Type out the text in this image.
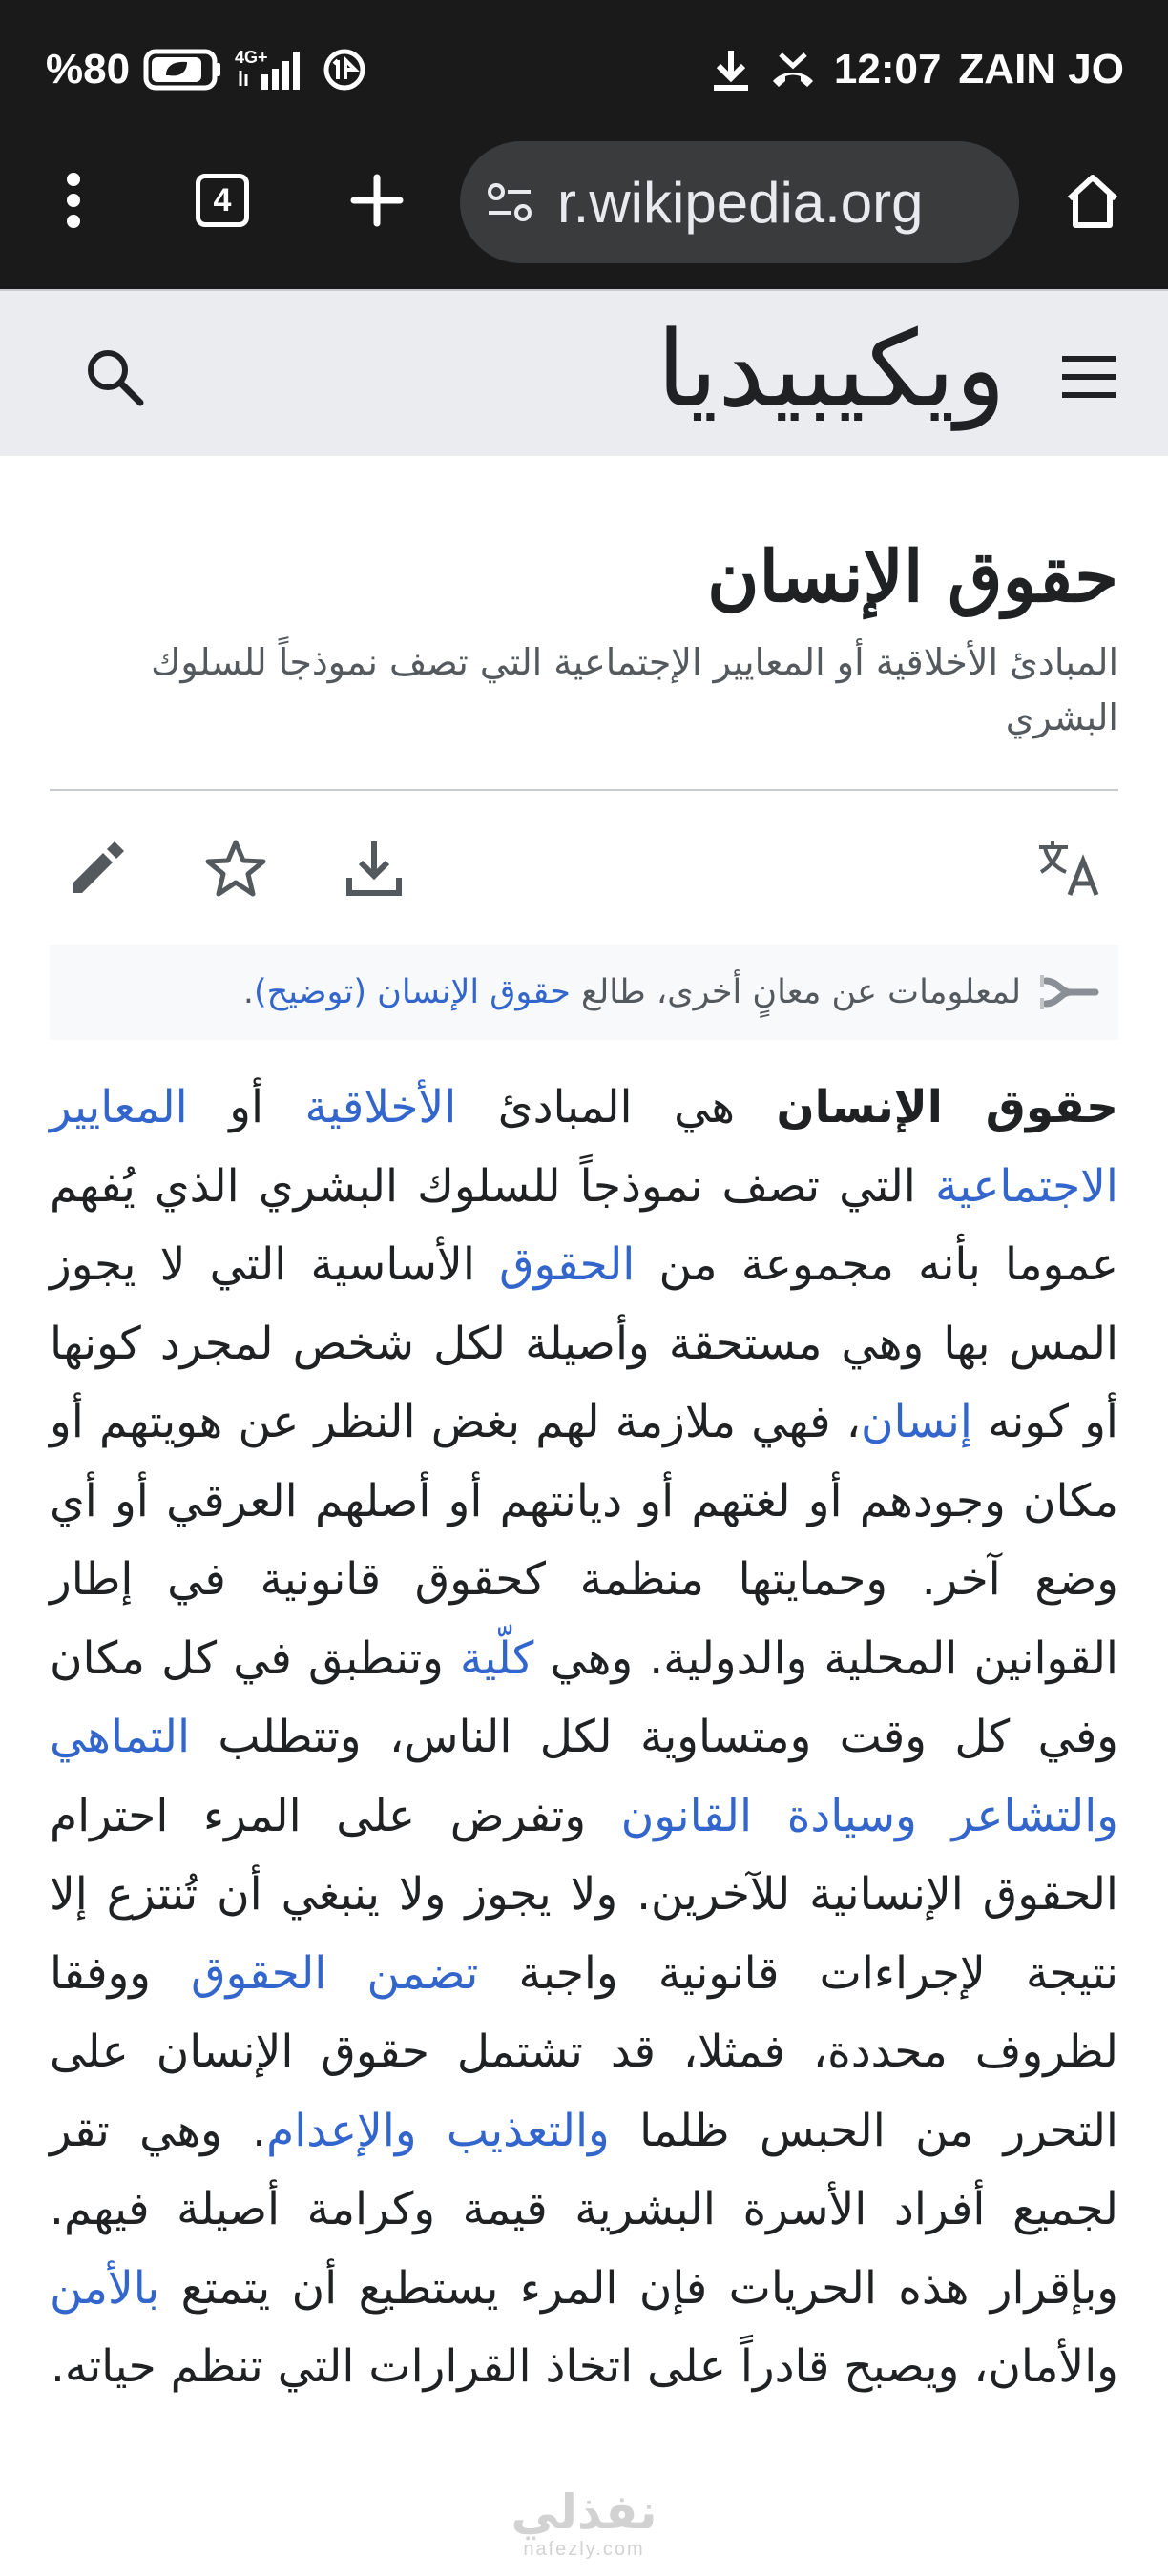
%80	4G+	12:07 ZAIN JO
4	r.wikipedia.org
ويكيبيديا
حقوق الإنسان
المبادئ الأخلاقية أو المعايير الإجتماعية التي تصف نموذجاً للسلوك البشري
لمعلومات عن معانٍ أخرى، طالع
حقوق الإنسان (توضيح)
.

حقوق الإنسان هي المبادئ الأخلاقية أو المعايير الاجتماعية التي تصف نموذجاً للسلوك البشري الذي يُفهم عموما بأنه مجموعة من الحقوق الأساسية التي لا يجوز المس بها وهي مستحقة وأصيلة لكل شخص لمجرد كونها أو كونه إنسان، فهي ملازمة لهم بغض النظر عن هويتهم أو مكان وجودهم أو لغتهم أو ديانتهم أو أصلهم العرقي أو أي وضع آخر. وحمايتها منظمة كحقوق قانونية في إطار القوانين المحلية والدولية. وهي كلّية وتنطبق في كل مكان وفي كل وقت ومتساوية لكل الناس، وتتطلب التماهي والتشاعر وسيادة القانون وتفرض على المرء احترام الحقوق الإنسانية للآخرين. ولا يجوز ولا ينبغي أن تُنتزع إلا نتيجة لإجراءات قانونية واجبة تضمن الحقوق ووفقا لظروف محددة، فمثلا، قد تشتمل حقوق الإنسان على التحرر من الحبس ظلما والتعذيب والإعدام. وهي تقر لجميع أفراد الأسرة البشرية قيمة وكرامة أصيلة فيهم. وبإقرار هذه الحريات فإن المرء يستطيع أن يتمتع بالأمن والأمان، ويصبح قادراً على اتخاذ القرارات التي تنظم حياته.

نفذلي
nafezly.com
